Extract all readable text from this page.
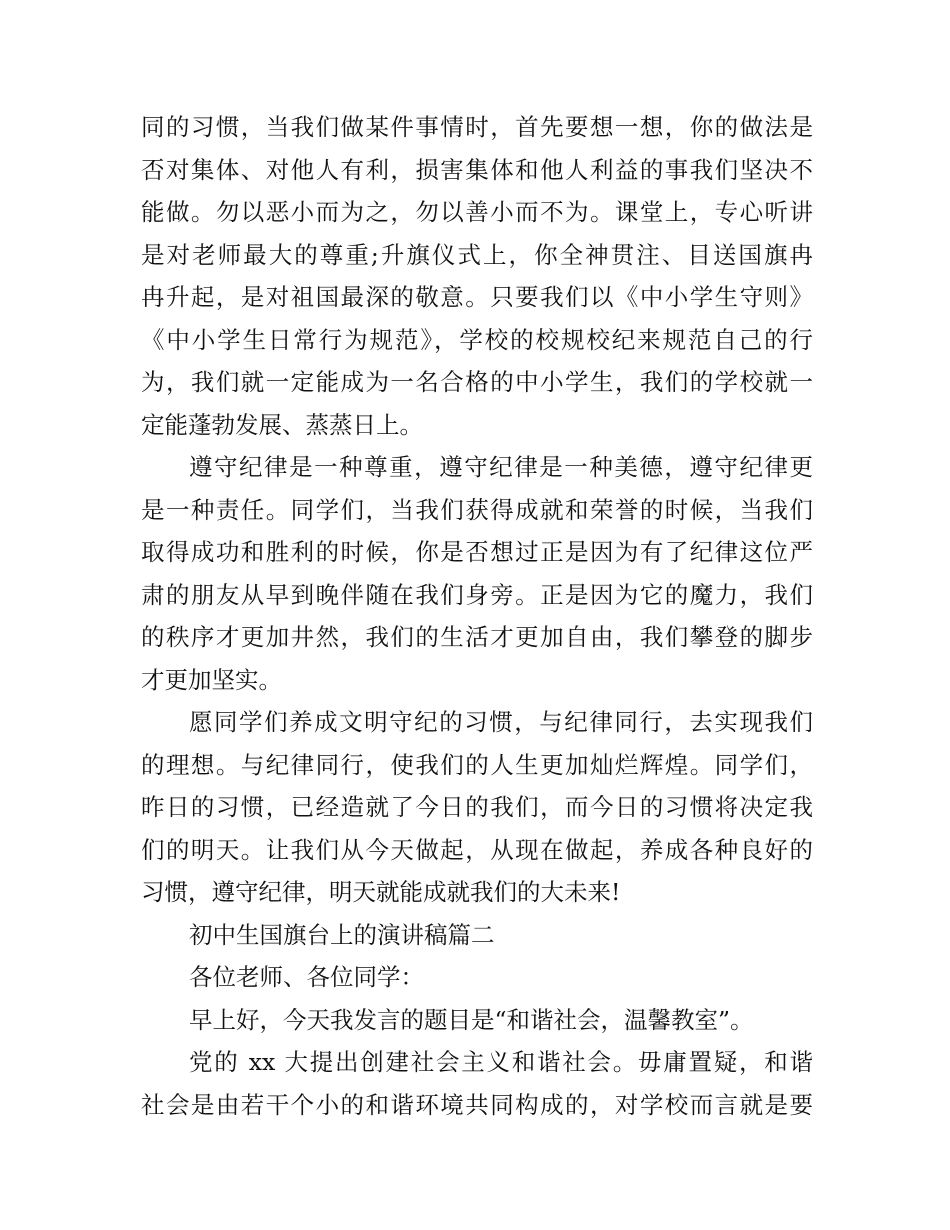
同的习惯，当我们做某件事情时，首先要想一想，你的做法是
否对集体、对他人有利，损害集体和他人利益的事我们坚决不
能做。勿以恶小而为之，勿以善小而不为。课堂上，专心听讲
是对老师最大的尊重;升旗仪式上，你全神贯注、目送国旗冉
冉升起，是对祖国最深的敬意。只要我们以《中小学生守则》
《中小学生日常行为规范》，学校的校规校纪来规范自己的行
为，我们就一定能成为一名合格的中小学生，我们的学校就一
定能蓬勃发展、蒸蒸日上。
遵守纪律是一种尊重，遵守纪律是一种美德，遵守纪律更
是一种责任。同学们，当我们获得成就和荣誉的时候，当我们
取得成功和胜利的时候，你是否想过正是因为有了纪律这位严
肃的朋友从早到晚伴随在我们身旁。正是因为它的魔力，我们
的秩序才更加井然，我们的生活才更加自由，我们攀登的脚步
才更加坚实。
愿同学们养成文明守纪的习惯，与纪律同行，去实现我们
的理想。与纪律同行，使我们的人生更加灿烂辉煌。同学们，
昨日的习惯，已经造就了今日的我们，而今日的习惯将决定我
们的明天。让我们从今天做起，从现在做起，养成各种良好的
习惯，遵守纪律，明天就能成就我们的大未来!
初中生国旗台上的演讲稿篇二
各位老师、各位同学：
早上好，今天我发言的题目是“和谐社会，温馨教室”。
党的 xx 大提出创建社会主义和谐社会。毋庸置疑，和谐
社会是由若干个小的和谐环境共同构成的，对学校而言就是要
